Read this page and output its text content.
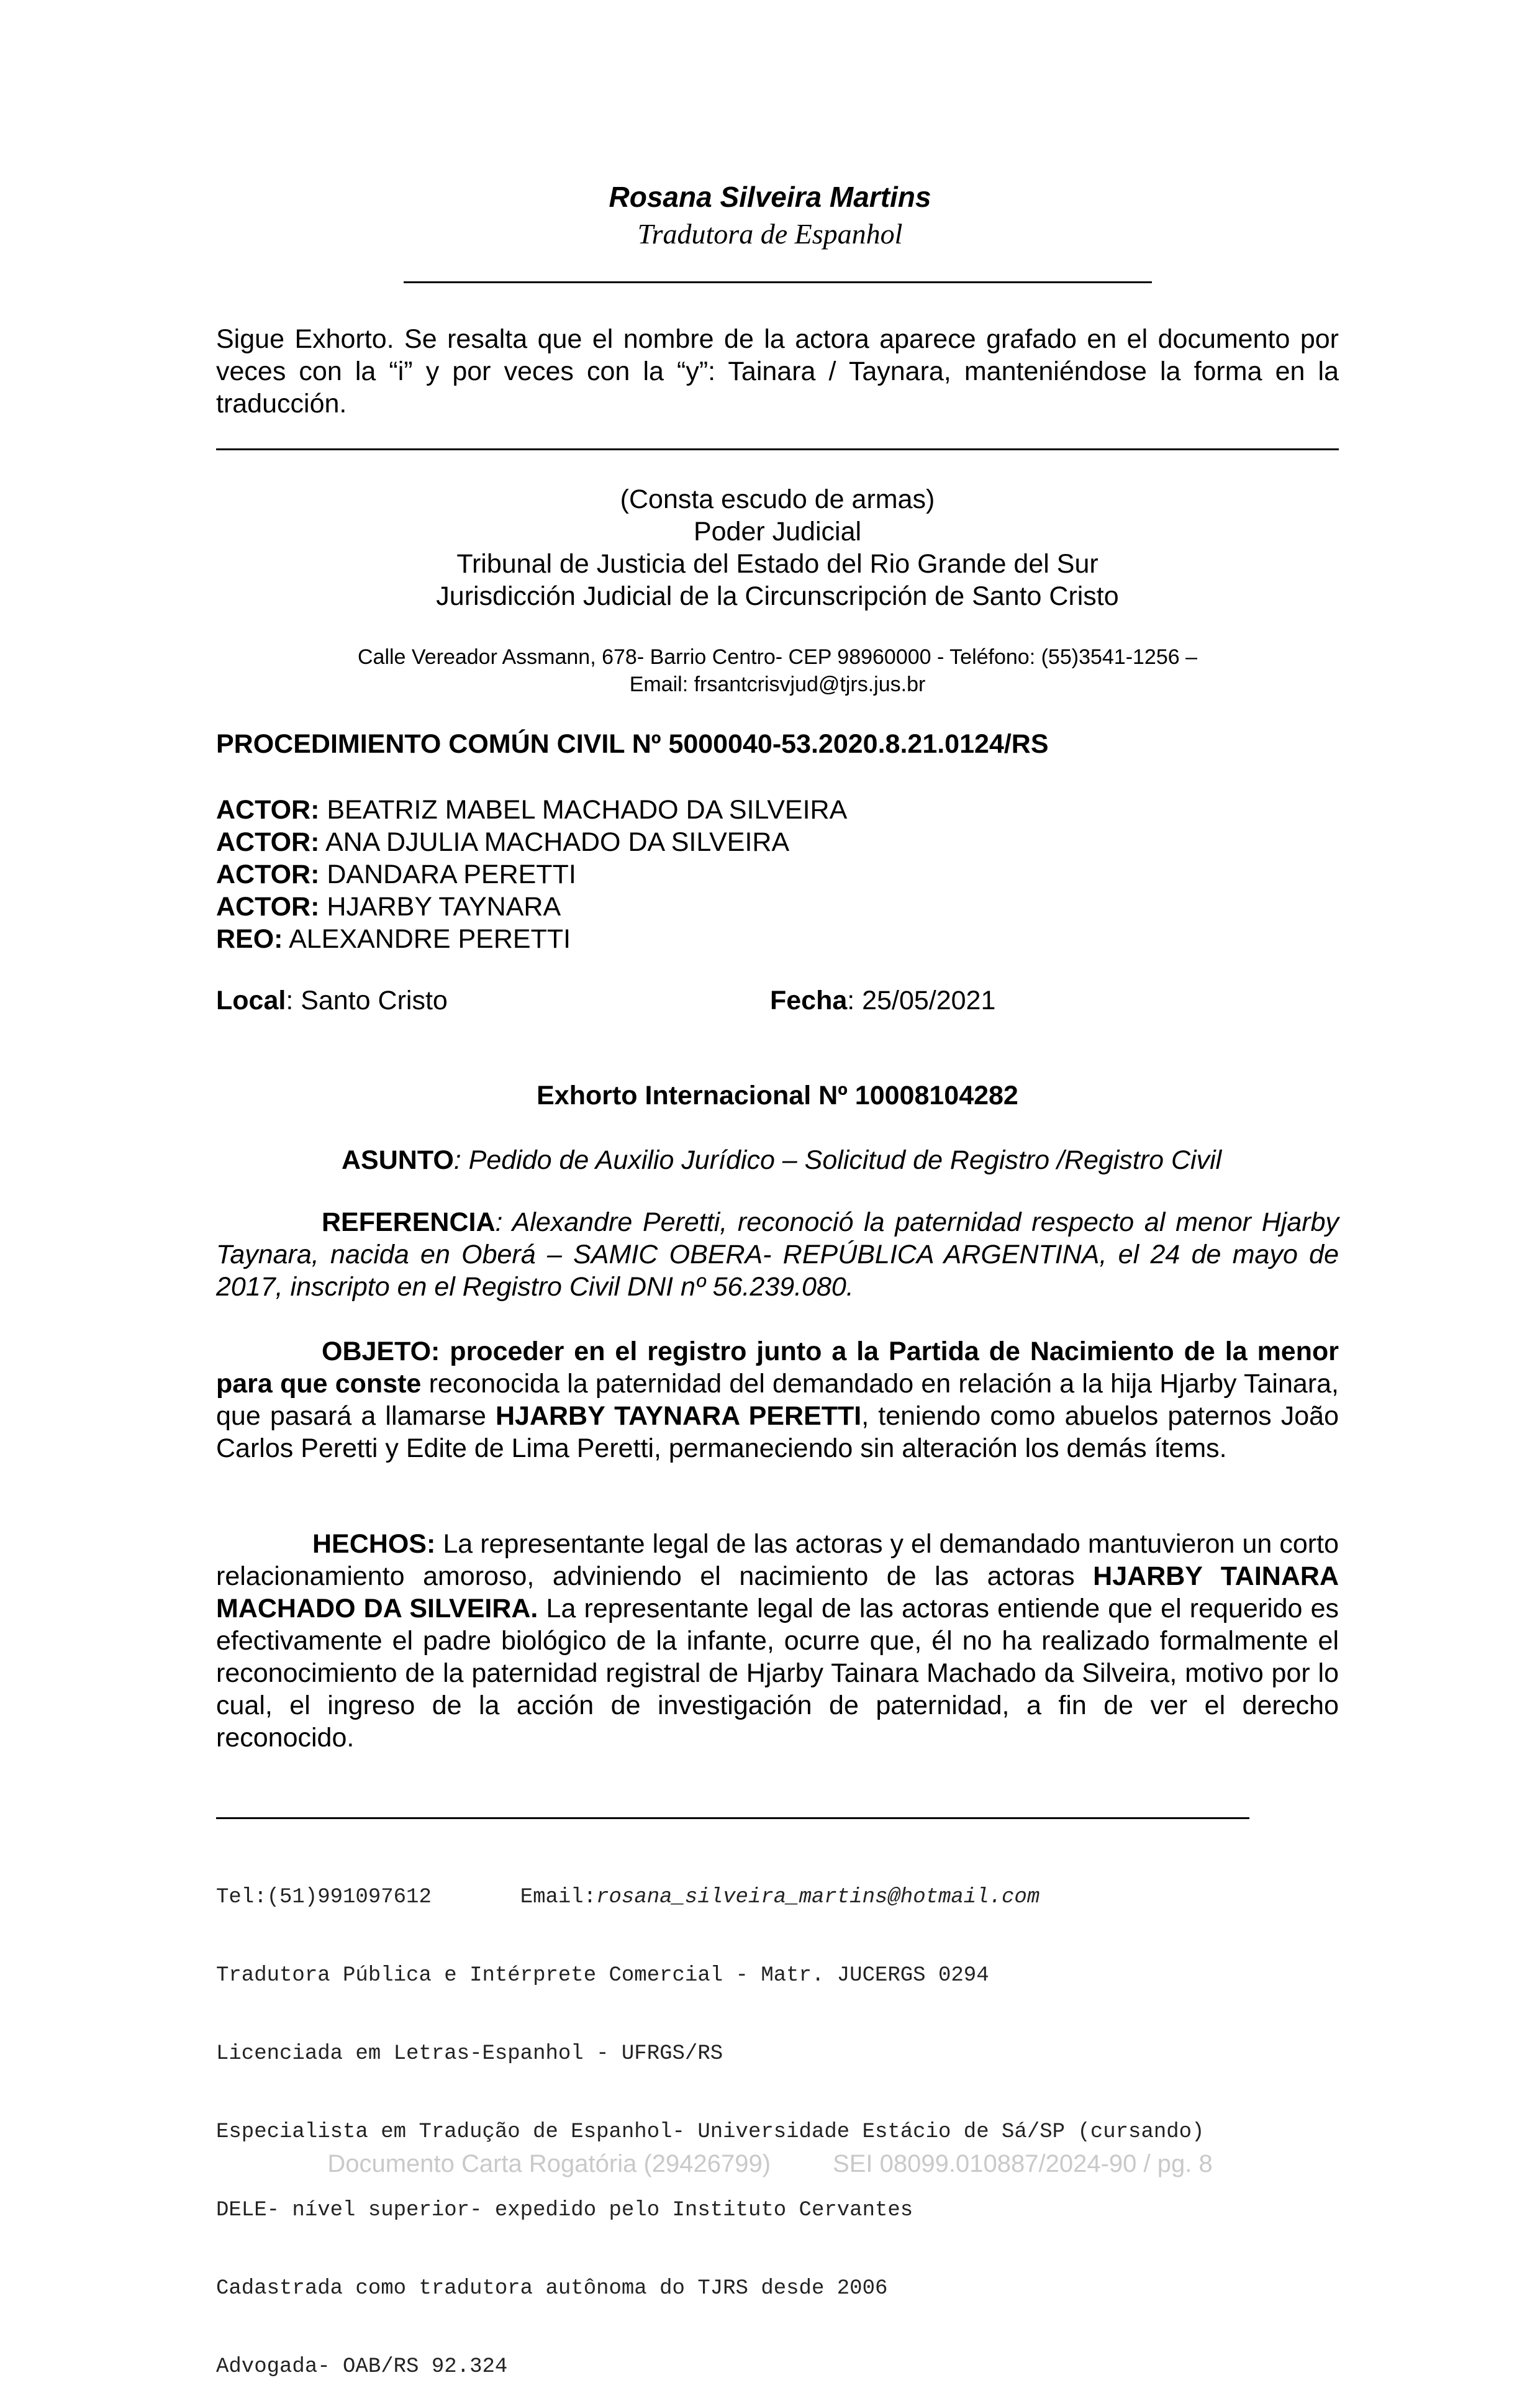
Rosana Silveira Martins
Tradutora de Espanhol
Sigue Exhorto. Se resalta que el nombre de la actora aparece grafado en el documento por veces con la “i” y por veces con la “y”: Tainara / Taynara, manteniéndose la forma en la traducción.
(Consta escudo de armas)
Poder Judicial
Tribunal de Justicia del Estado del Rio Grande del Sur
Jurisdicción Judicial de la Circunscripción de Santo Cristo
Calle Vereador Assmann, 678- Barrio Centro- CEP 98960000 - Teléfono: (55)3541-1256 –
Email: frsantcrisvjud@tjrs.jus.br
PROCEDIMIENTO COMÚN CIVIL Nº 5000040-53.2020.8.21.0124/RS
ACTOR: BEATRIZ MABEL MACHADO DA SILVEIRA
ACTOR: ANA DJULIA MACHADO DA SILVEIRA
ACTOR: DANDARA PERETTI
ACTOR: HJARBY TAYNARA
REO: ALEXANDRE PERETTI
Local: Santo Cristo	Fecha: 25/05/2021
Exhorto Internacional Nº 10008104282
ASUNTO: Pedido de Auxilio Jurídico – Solicitud de Registro /Registro Civil
REFERENCIA: Alexandre Peretti, reconoció la paternidad respecto al menor Hjarby Taynara, nacida en Oberá – SAMIC OBERA- REPÚBLICA ARGENTINA, el 24 de mayo de 2017, inscripto en el Registro Civil DNI nº 56.239.080.
OBJETO: proceder en el registro junto a la Partida de Nacimiento de la menor para que conste reconocida la paternidad del demandado en relación a la hija Hjarby Tainara, que pasará a llamarse HJARBY TAYNARA PERETTI, teniendo como abuelos paternos João Carlos Peretti y Edite de Lima Peretti, permaneciendo sin alteración los demás ítems.
HECHOS: La representante legal de las actoras y el demandado mantuvieron un corto relacionamiento amoroso, adviniendo el nacimiento de las actoras HJARBY TAINARA MACHADO DA SILVEIRA. La representante legal de las actoras entiende que el requerido es efectivamente el padre biológico de la infante, ocurre que, él no ha realizado formalmente el reconocimiento de la paternidad registral de Hjarby Tainara Machado da Silveira, motivo por lo cual, el ingreso de la acción de investigación de paternidad, a fin de ver el derecho reconocido.

Tel:(51)991097612	Email:rosana_silveira_martins@hotmail.com

Tradutora Pública e Intérprete Comercial - Matr. JUCERGS 0294

Licenciada em Letras-Espanhol - UFRGS/RS

Especialista em Tradução de Espanhol- Universidade Estácio de Sá/SP (cursando)

DELE- nível superior- expedido pelo Instituto Cervantes

Cadastrada como tradutora autônoma do TJRS desde 2006

Advogada- OAB/RS 92.324

Documento Carta Rogatória (29426799)	SEI 08099.010887/2024-90 / pg. 8
